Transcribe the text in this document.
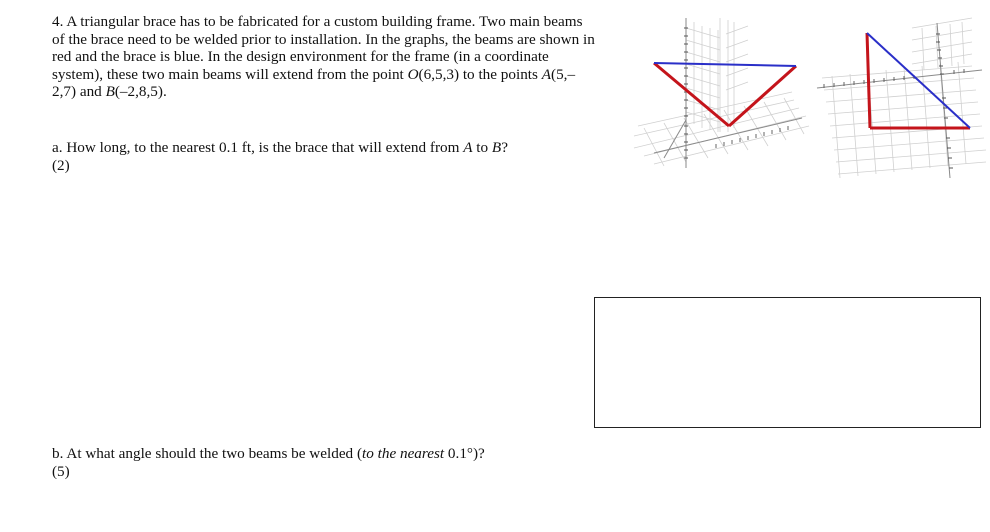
4. A triangular brace has to be fabricated for a custom building frame. Two main beams of the brace need to be welded prior to installation. In the graphs, the beams are shown in red and the brace is blue. In the design environment for the frame (in a coordinate system), these two main beams will extend from the point O(6,5,3) to the points A(5,–2,7) and B(–2,8,5).
a. How long, to the nearest 0.1 ft, is the brace that will extend from A to B?
(2)
b. At what angle should the two beams be welded (to the nearest 0.1°)?
(5)
